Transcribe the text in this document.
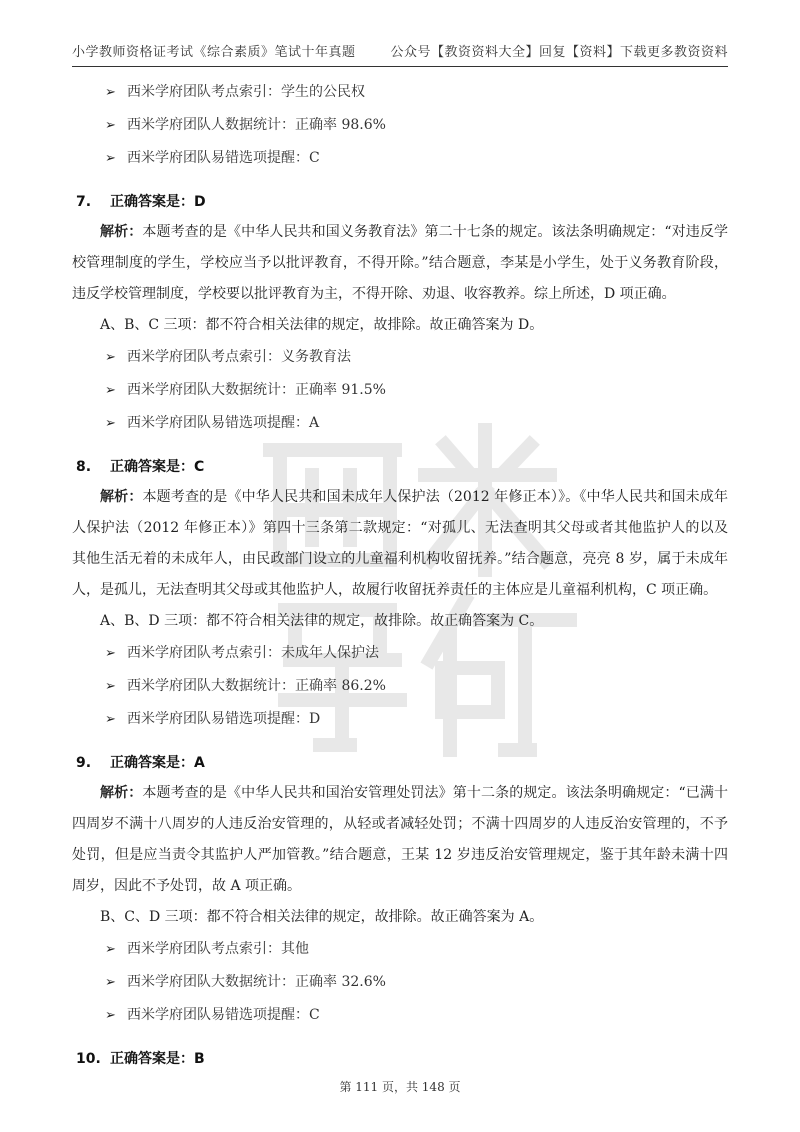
小学教师资格证考试《综合素质》笔试十年真题	公众号【教资资料大全】回复【资料】下载更多教资资料
➢ 西米学府团队考点索引：学生的公民权
➢ 西米学府团队人数据统计：正确率 98.6%
➢ 西米学府团队易错选项提醒：C
7. 正确答案是：D

解析：本题考查的是《中华人民共和国义务教育法》第二十七条的规定。该法条明确规定：“对违反学校管理制度的学生，学校应当予以批评教育，不得开除。”结合题意，李某是小学生，处于义务教育阶段，违反学校管理制度，学校要以批评教育为主，不得开除、劝退、收容教养。综上所述，D 项正确。

A、B、C 三项：都不符合相关法律的规定，故排除。故正确答案为 D。

➢ 西米学府团队考点索引：义务教育法
➢ 西米学府团队大数据统计：正确率 91.5%
➢ 西米学府团队易错选项提醒：A
8. 正确答案是：C

解析：本题考查的是《中华人民共和国未成年人保护法（2012 年修正本）》。《中华人民共和国未成年人保护法（2012 年修正本）》第四十三条第二款规定：“对孤儿、无法查明其父母或者其他监护人的以及其他生活无着的未成年人，由民政部门设立的儿童福利机构收留抚养。”结合题意，亮亮 8 岁，属于未成年人，是孤儿，无法查明其父母或其他监护人，故履行收留抚养责任的主体应是儿童福利机构，C 项正确。

A、B、D 三项：都不符合相关法律的规定，故排除。故正确答案为 C。

➢ 西米学府团队考点索引：未成年人保护法
➢ 西米学府团队大数据统计：正确率 86.2%
➢ 西米学府团队易错选项提醒：D
9. 正确答案是：A

解析：本题考查的是《中华人民共和国治安管理处罚法》第十二条的规定。该法条明确规定：“已满十四周岁不满十八周岁的人违反治安管理的，从轻或者减轻处罚；不满十四周岁的人违反治安管理的，不予处罚，但是应当责令其监护人严加管教。”结合题意，王某 12 岁违反治安管理规定，鉴于其年龄未满十四周岁，因此不予处罚，故 A 项正确。

B、C、D 三项：都不符合相关法律的规定，故排除。故正确答案为 A。

➢ 西米学府团队考点索引：其他
➢ 西米学府团队大数据统计：正确率 32.6%
➢ 西米学府团队易错选项提醒：C
10. 正确答案是：B
第 111 页，共 148 页
